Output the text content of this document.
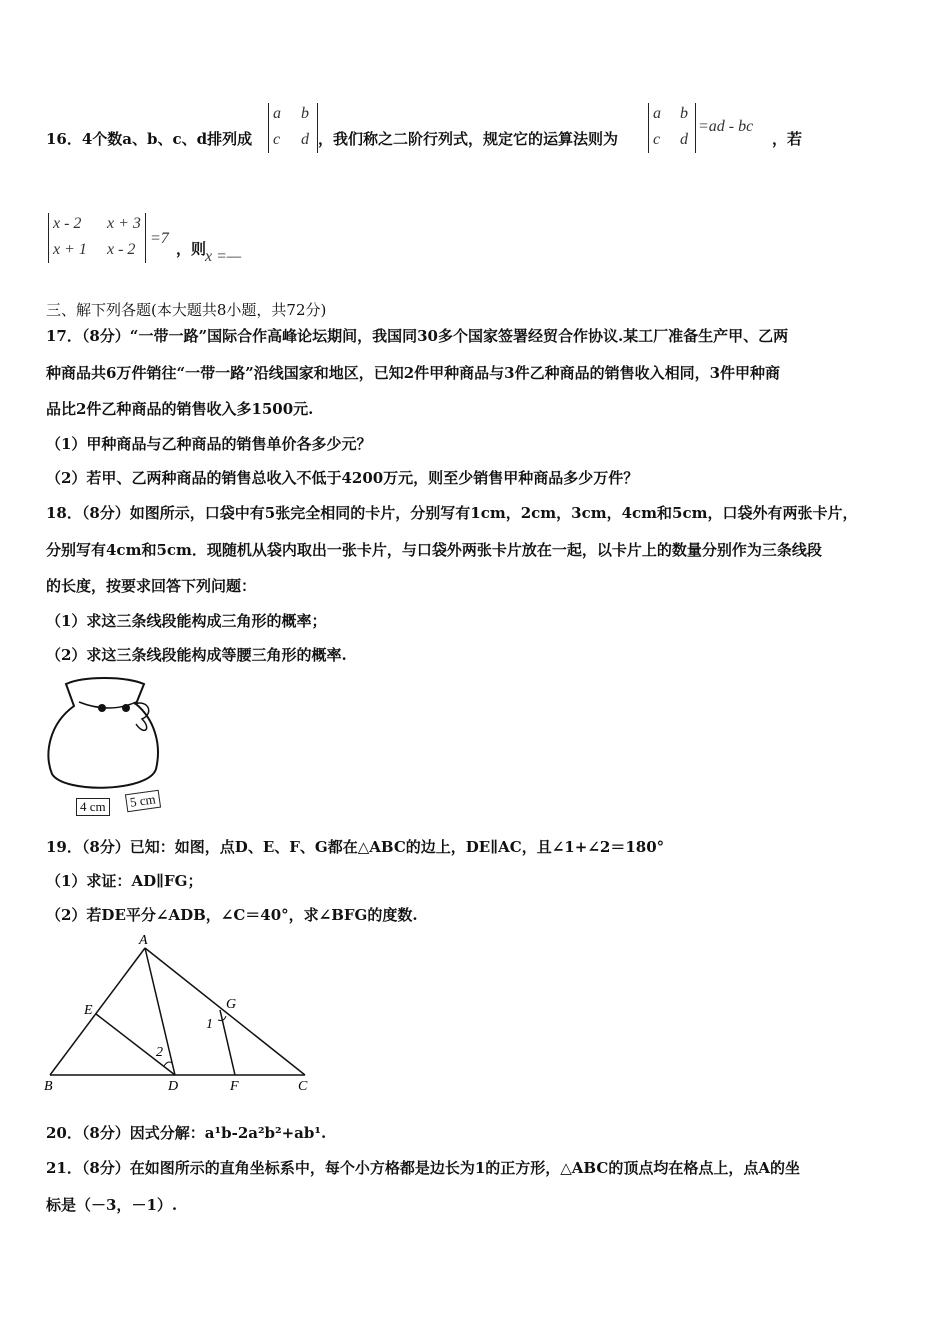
16．4个数a、b、c、d排列成
a b
c d ，我们称之二阶行列式，规定它的运算法则为
a b
c d
=ad - bc
，若
x - 2 x + 3
x + 1 x - 2
=7
，则
x =—
三、解下列各题(本大题共8小题，共72分)
17．（8分）“一带一路”国际合作高峰论坛期间，我国同30多个国家签署经贸合作协议.某工厂准备生产甲、乙两
种商品共6万件销往“一带一路”沿线国家和地区，已知2件甲种商品与3件乙种商品的销售收入相同，3件甲种商
品比2件乙种商品的销售收入多1500元.
（1）甲种商品与乙种商品的销售单价各多少元？
（2）若甲、乙两种商品的销售总收入不低于4200万元，则至少销售甲种商品多少万件？
18．（8分）如图所示，口袋中有5张完全相同的卡片，分别写有1cm，2cm，3cm，4cm和5cm，口袋外有两张卡片，
分别写有4cm和5cm．现随机从袋内取出一张卡片，与口袋外两张卡片放在一起，以卡片上的数量分别作为三条线段
的长度，按要求回答下列问题：
（1）求这三条线段能构成三角形的概率；
（2）求这三条线段能构成等腰三角形的概率.
4 cm	5 cm
19．（8分）已知：如图，点D、E、F、G都在△ABC的边上，DE∥AC，且∠1+∠2＝180°
（1）求证：AD∥FG；
（2）若DE平分∠ADB，∠C＝40°，求∠BFG的度数.
A
B	C
D
E
F
G
1
2
20．（8分）因式分解：a¹b-2a²b²+ab¹.
21．（8分）在如图所示的直角坐标系中，每个小方格都是边长为1的正方形，△ABC的顶点均在格点上，点A的坐
标是（－3，－1）.
